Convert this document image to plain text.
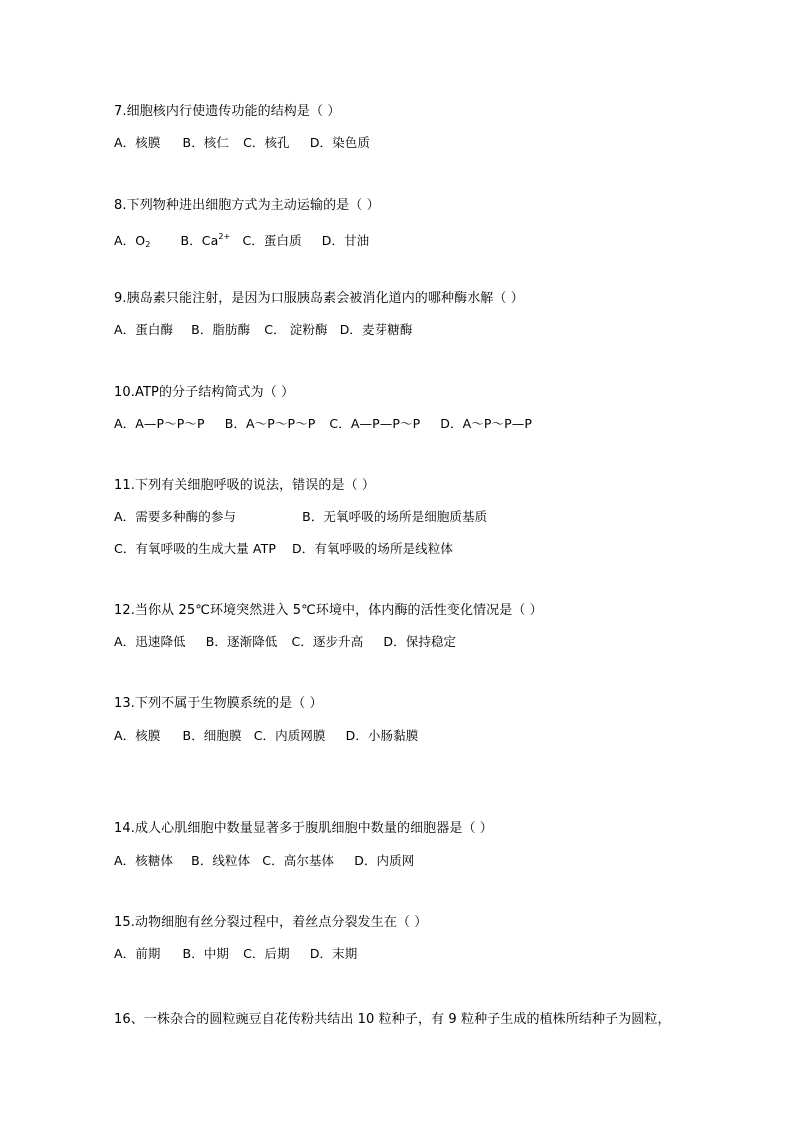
7.细胞核内行使遗传功能的结构是（ ）
A．核膜 B．核仁 C．核孔 D．染色质
8.下列物种进出细胞方式为主动运输的是（ ）
A．$O_2$ B．$Ca^{2+}$ C．蛋白质 D．甘油
9.胰岛素只能注射，是因为口服胰岛素会被消化道内的哪种酶水解（ ）
A．蛋白酶 B．脂肪酶 C． 淀粉酶 D．麦芽糖酶
10.ATP的分子结构简式为（ ）
A．A—P～P～P B．A～P～P～P C．A—P—P～P D．A～P～P—P
11.下列有关细胞呼吸的说法，错误的是（ ）
A．需要多种酶的参与	B．无氧呼吸的场所是细胞质基质
C．有氧呼吸的生成大量 ATP D．有氧呼吸的场所是线粒体
12.当你从 25℃环境突然进入 5℃环境中，体内酶的活性变化情况是（ ）
A．迅速降低 B．逐渐降低 C．逐步升高 D．保持稳定
13.下列不属于生物膜系统的是（ ）
A．核膜 B．细胞膜 C．内质网膜 D．小肠黏膜
14.成人心肌细胞中数量显著多于腹肌细胞中数量的细胞器是（ ）
A．核糖体 B．线粒体 C．高尔基体 D．内质网
15.动物细胞有丝分裂过程中，着丝点分裂发生在（ ）
A．前期 B．中期 C．后期 D．末期
16、一株杂合的圆粒豌豆自花传粉共结出 10 粒种子，有 9 粒种子生成的植株所结种子为圆粒，
